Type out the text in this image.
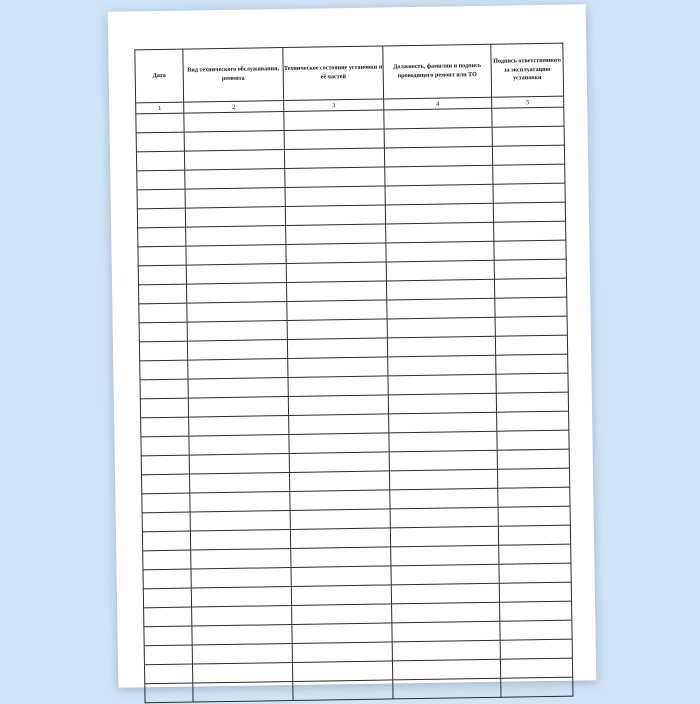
Дата	Вид технического обслуживания, ремонта	Техническое состояние установки и её частей	Должность, фамилии и подпись проводящего ремонт или ТО	Подпись ответственного за эксплуатацию установки
1	2	3	4	5
